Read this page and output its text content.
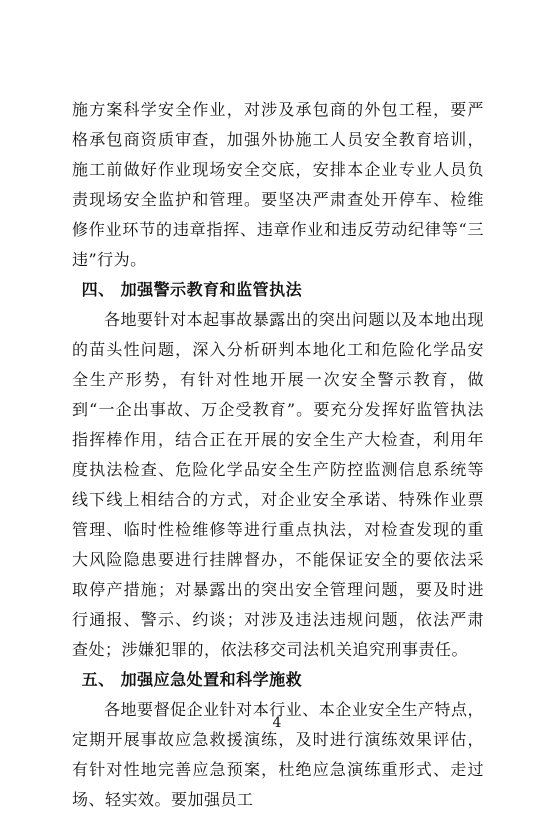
施方案科学安全作业，对涉及承包商的外包工程，要严格承包商资质审查，加强外协施工人员安全教育培训，施工前做好作业现场安全交底，安排本企业专业人员负责现场安全监护和管理。要坚决严肃查处开停车、检维修作业环节的违章指挥、违章作业和违反劳动纪律等“三违”行为。

四、 加强警示教育和监管执法

各地要针对本起事故暴露出的突出问题以及本地出现的苗头性问题，深入分析研判本地化工和危险化学品安全生产形势，有针对性地开展一次安全警示教育，做到“一企出事故、万企受教育”。要充分发挥好监管执法指挥棒作用，结合正在开展的安全生产大检查，利用年度执法检查、危险化学品安全生产防控监测信息系统等线下线上相结合的方式，对企业安全承诺、特殊作业票管理、临时性检维修等进行重点执法，对检查发现的重大风险隐患要进行挂牌督办，不能保证安全的要依法采取停产措施；对暴露出的突出安全管理问题，要及时进行通报、警示、约谈；对涉及违法违规问题，依法严肃查处；涉嫌犯罪的，依法移交司法机关追究刑事责任。

五、 加强应急处置和科学施救

各地要督促企业针对本行业、本企业安全生产特点，定期开展事故应急救援演练，及时进行演练效果评估，有针对性地完善应急预案，杜绝应急演练重形式、走过场、轻实效。要加强员工

4
